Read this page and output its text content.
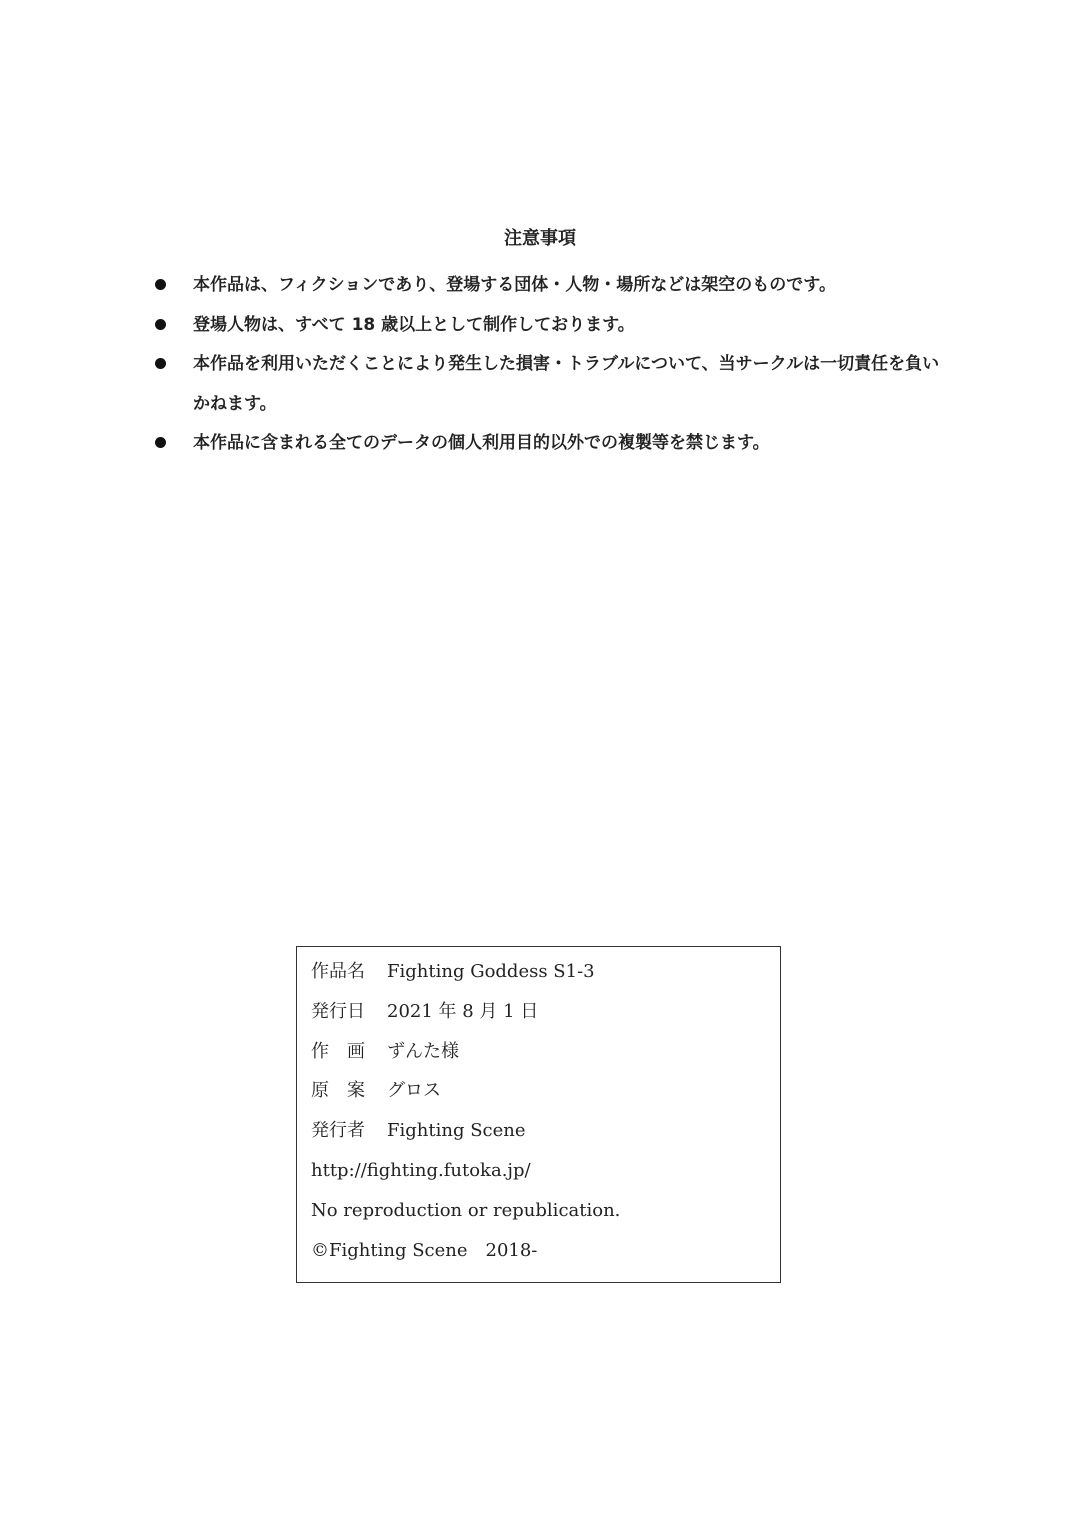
注意事項
本作品は、フィクションであり、登場する団体・人物・場所などは架空のものです。
登場人物は、すべて 18 歳以上として制作しております。
本作品を利用いただくことにより発生した損害・トラブルについて、当サークルは一切責任を負いかねます。
本作品に含まれる全てのデータの個人利用目的以外での複製等を禁じます。
作品名 Fighting Goddess S1-3
発行日 2021 年 8 月 1 日
作　画 ずんた様
原　案 グロス
発行者 Fighting Scene
http://fighting.futoka.jp/
No reproduction or republication.
©Fighting Scene　2018-
